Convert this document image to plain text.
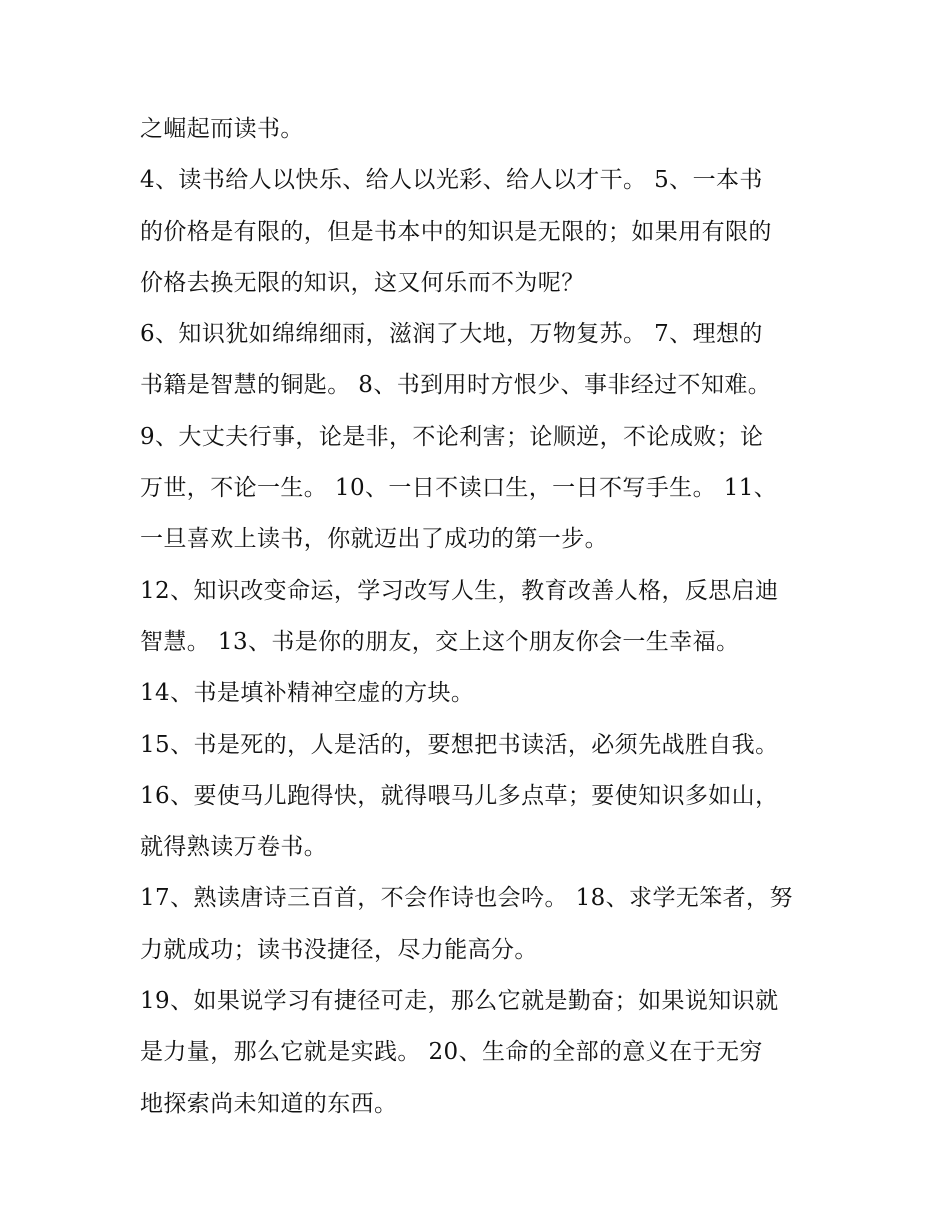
之崛起而读书。

4、读书给人以快乐、给人以光彩、给人以才干。 5、一本书
的价格是有限的，但是书本中的知识是无限的；如果用有限的
价格去换无限的知识，这又何乐而不为呢？

6、知识犹如绵绵细雨，滋润了大地，万物复苏。 7、理想的
书籍是智慧的铜匙。 8、书到用时方恨少、事非经过不知难。

9、大丈夫行事，论是非，不论利害；论顺逆，不论成败；论
万世，不论一生。 10、一日不读口生，一日不写手生。 11、
一旦喜欢上读书，你就迈出了成功的第一步。

12、知识改变命运，学习改写人生，教育改善人格，反思启迪
智慧。 13、书是你的朋友，交上这个朋友你会一生幸福。

14、书是填补精神空虚的方块。

15、书是死的，人是活的，要想把书读活，必须先战胜自我。

16、要使马儿跑得快，就得喂马儿多点草；要使知识多如山，
就得熟读万卷书。

17、熟读唐诗三百首，不会作诗也会吟。 18、求学无笨者，努
力就成功；读书没捷径，尽力能高分。

19、如果说学习有捷径可走，那么它就是勤奋；如果说知识就
是力量，那么它就是实践。 20、生命的全部的意义在于无穷
地探索尚未知道的东西。
